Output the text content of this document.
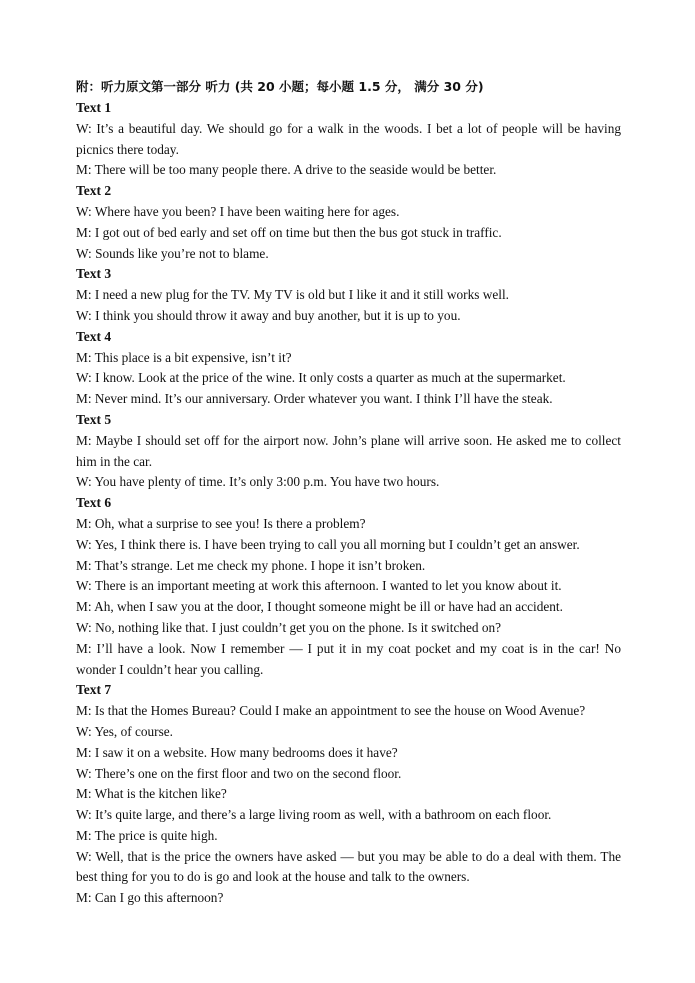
附：听力原文第一部分 听力 (共 20 小题；每小题 1.5 分， 满分 30 分)
Text 1
W: It’s a beautiful day. We should go for a walk in the woods. I bet a lot of people will be having picnics there today.
M: There will be too many people there. A drive to the seaside would be better.
Text 2
W: Where have you been? I have been waiting here for ages.
M: I got out of bed early and set off on time but then the bus got stuck in traffic.
W: Sounds like you’re not to blame.
Text 3
M: I need a new plug for the TV. My TV is old but I like it and it still works well.
W: I think you should throw it away and buy another, but it is up to you.
Text 4
M: This place is a bit expensive, isn’t it?
W: I know. Look at the price of the wine. It only costs a quarter as much at the supermarket.
M: Never mind. It’s our anniversary. Order whatever you want. I think I’ll have the steak.
Text 5
M: Maybe I should set off for the airport now. John’s plane will arrive soon. He asked me to collect him in the car.
W: You have plenty of time. It’s only 3:00 p.m. You have two hours.
Text 6
M: Oh, what a surprise to see you! Is there a problem?
W: Yes, I think there is. I have been trying to call you all morning but I couldn’t get an answer.
M: That’s strange. Let me check my phone. I hope it isn’t broken.
W: There is an important meeting at work this afternoon. I wanted to let you know about it.
M: Ah, when I saw you at the door, I thought someone might be ill or have had an accident.
W: No, nothing like that. I just couldn’t get you on the phone. Is it switched on?
M: I’ll have a look. Now I remember — I put it in my coat pocket and my coat is in the car! No wonder I couldn’t hear you calling.
Text 7
M: Is that the Homes Bureau? Could I make an appointment to see the house on Wood Avenue?
W: Yes, of course.
M: I saw it on a website. How many bedrooms does it have?
W: There’s one on the first floor and two on the second floor.
M: What is the kitchen like?
W: It’s quite large, and there’s a large living room as well, with a bathroom on each floor.
M: The price is quite high.
W: Well, that is the price the owners have asked — but you may be able to do a deal with them. The best thing for you to do is go and look at the house and talk to the owners.
M: Can I go this afternoon?
